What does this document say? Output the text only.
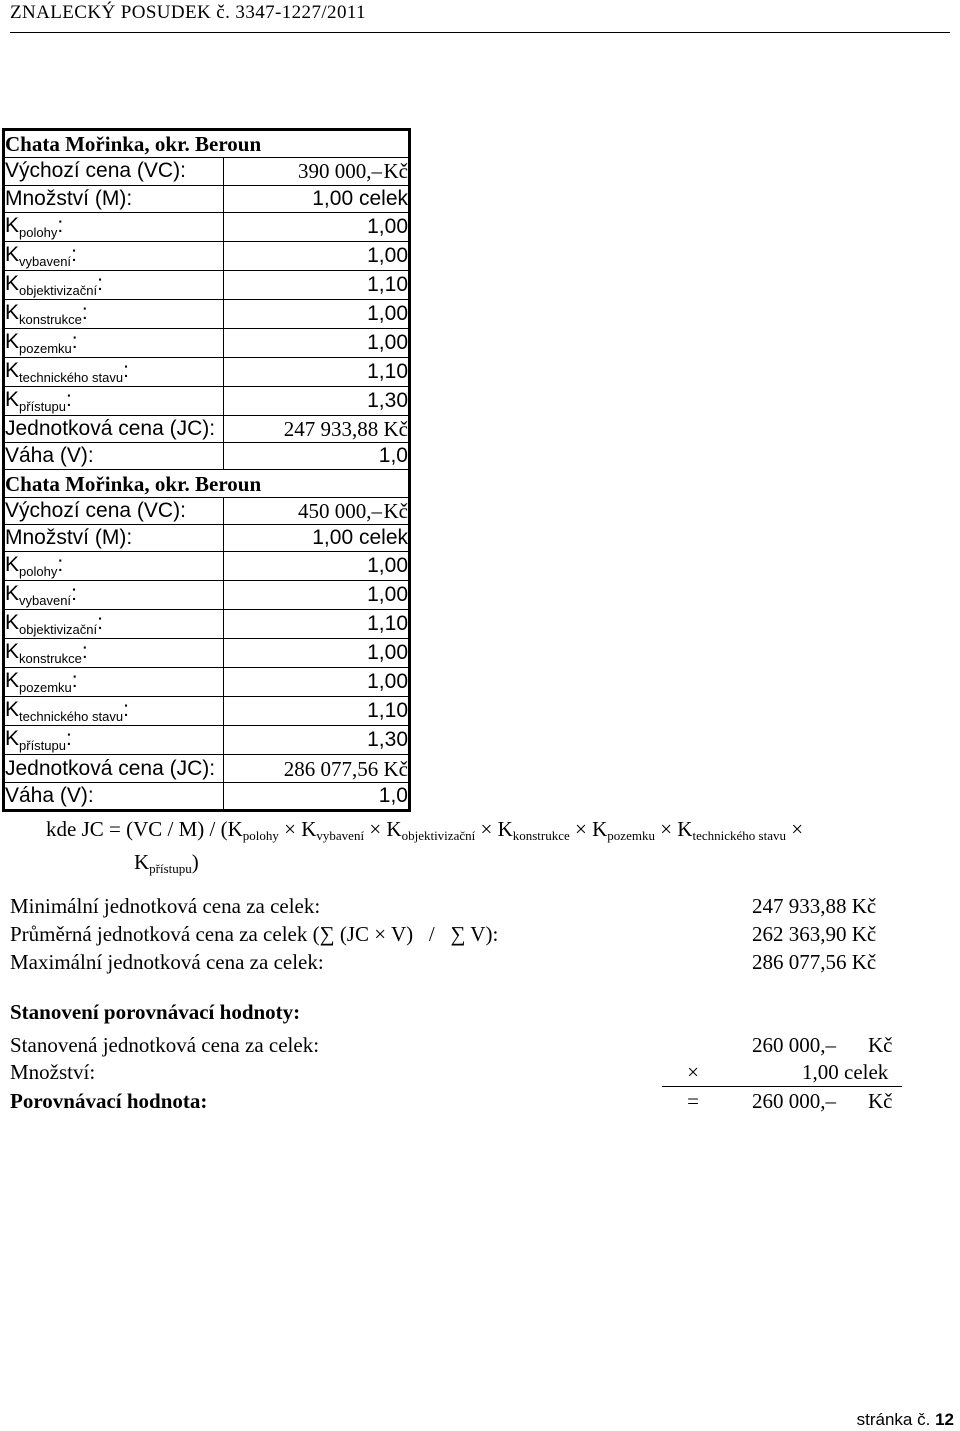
ZNALECKÝ POSUDEK č. 3347-1227/2011
Chata Mořinka, okr. Beroun	
Výchozí cena (VC):	390 000,–Kč
Množství (M):	1,00 celek
$K_{polohy}$:	1,00
$K_{vybavení}$:	1,00
$K_{objektivizační}$:	1,10
$K_{konstrukce}$:	1,00
$K_{pozemku}$:	1,00
$K_{technického stavu}$:	1,10
$K_{přístupu}$:	1,30
Jednotková cena (JC):	247 933,88 Kč
Váha (V):	1,0
Chata Mořinka, okr. Beroun	
Výchozí cena (VC):	450 000,–Kč
Množství (M):	1,00 celek
$K_{polohy}$:	1,00
$K_{vybavení}$:	1,00
$K_{objektivizační}$:	1,10
$K_{konstrukce}$:	1,00
$K_{pozemku}$:	1,00
$K_{technického stavu}$:	1,10
$K_{přístupu}$:	1,30
Jednotková cena (JC):	286 077,56 Kč
Váha (V):	1,0
kde JC = (VC / M) / (Kpolohy × Kvybavení × Kobjektivizační × Kkonstrukce × Kpozemku × Ktechnického stavu ×
Kpřístupu)
Minimální jednotková cena za celek:	247 933,88 Kč
Průměrná jednotková cena za celek (∑ (JC × V)   /   ∑ V):	262 363,90 Kč
Maximální jednotková cena za celek:	286 077,56 Kč
Stanovení porovnávací hodnoty:
Stanovená jednotková cena za celek:	260 000,– Kč
Množství:	×	1,00 celek
Porovnávací hodnota:	=	260 000,– Kč
stránka č. 12
